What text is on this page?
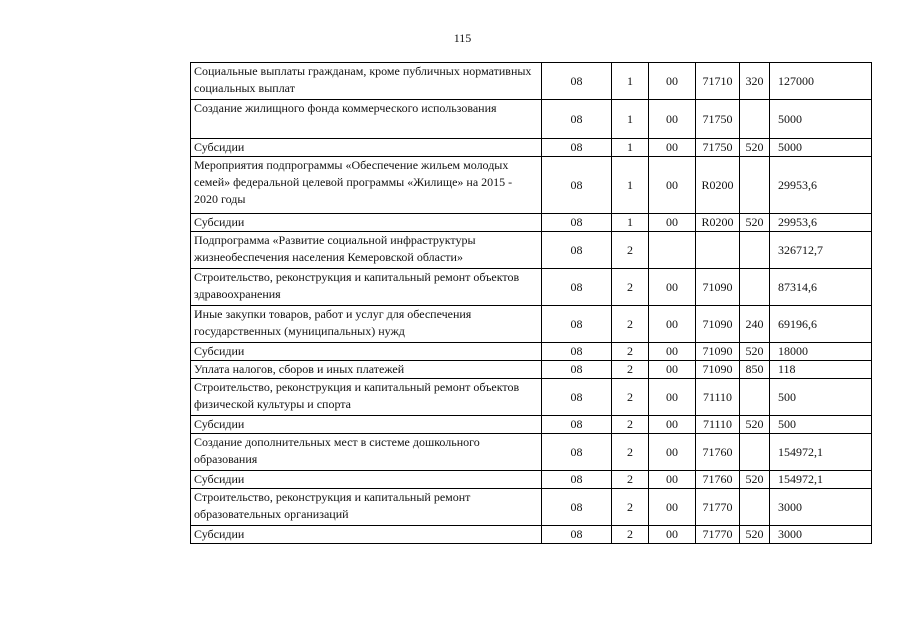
115
Социальные выплаты гражданам, кроме публичных нормативных социальных выплат	08	1	00	71710	320	127000
Создание жилищного фонда коммерческого использования	08	1	00	71750		5000
Субсидии	08	1	00	71750	520	5000
Мероприятия подпрограммы «Обеспечение жильем молодых семей» федеральной целевой программы «Жилище» на 2015 - 2020 годы	08	1	00	R0200		29953,6
Субсидии	08	1	00	R0200	520	29953,6
Подпрограмма «Развитие социальной инфраструктуры жизнеобеспечения населения Кемеровской области»	08	2				326712,7
Строительство, реконструкция и капитальный ремонт объектов здравоохранения	08	2	00	71090		87314,6
Иные закупки товаров, работ и услуг для обеспечения государственных (муниципальных) нужд	08	2	00	71090	240	69196,6
Субсидии	08	2	00	71090	520	18000
Уплата налогов, сборов и иных платежей	08	2	00	71090	850	118
Строительство, реконструкция и капитальный ремонт объектов физической культуры и спорта	08	2	00	71110		500
Субсидии	08	2	00	71110	520	500
Создание дополнительных мест в системе дошкольного образования	08	2	00	71760		154972,1
Субсидии	08	2	00	71760	520	154972,1
Строительство, реконструкция и капитальный ремонт образовательных организаций	08	2	00	71770		3000
Субсидии	08	2	00	71770	520	3000
